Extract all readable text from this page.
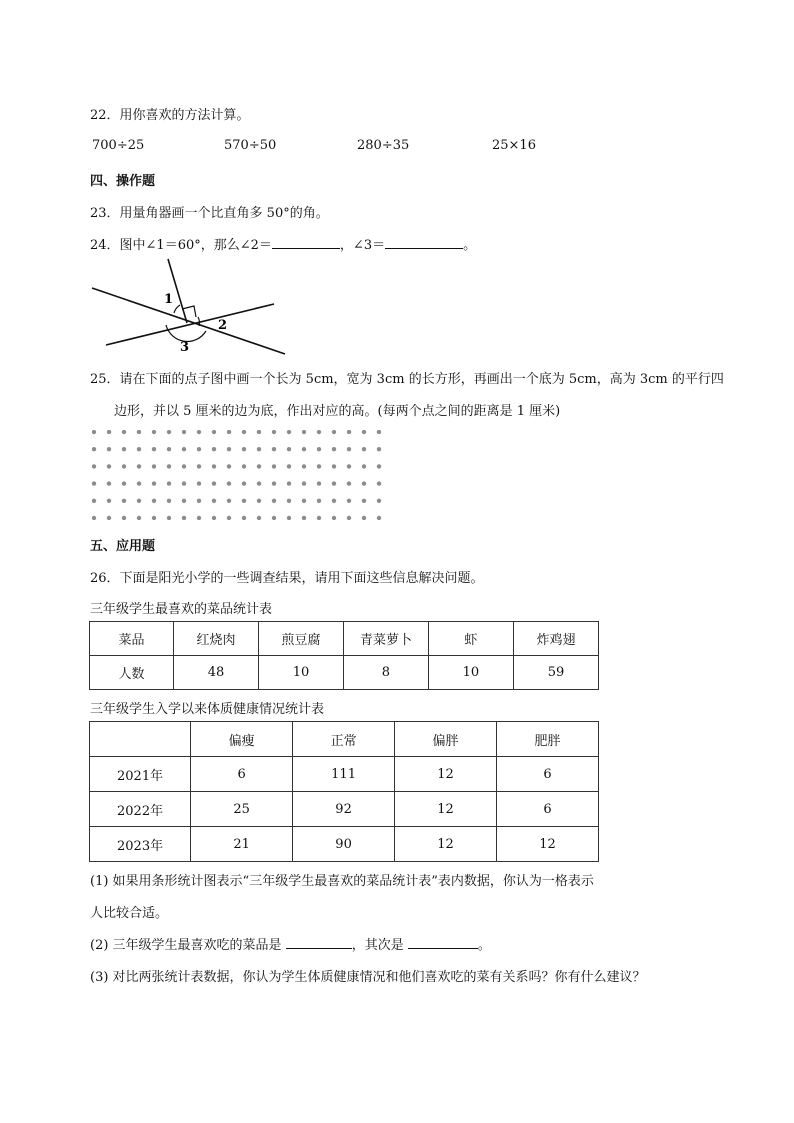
22．用你喜欢的方法计算。
700÷25	570÷50	280÷35	25×16
四、操作题
23．用量角器画一个比直角多 50°的角。
24．图中∠1＝60°，那么∠2＝	，∠3＝	。
1
2
3
25．请在下面的点子图中画一个长为 5cm，宽为 3cm 的长方形，再画出一个底为 5cm，高为 3cm 的平行四
边形，并以 5 厘米的边为底，作出对应的高。(每两个点之间的距离是 1 厘米)
五、应用题
26．下面是阳光小学的一些调查结果，请用下面这些信息解决问题。
三年级学生最喜欢的菜品统计表
菜品	红烧肉	煎豆腐	青菜萝卜	虾	炸鸡翅
人数	48	10	8	10	59
三年级学生入学以来体质健康情况统计表
	偏瘦	正常	偏胖	肥胖
2021年	6	111	12	6
2022年	25	92	12	6
2023年	21	90	12	12
(1) 如果用条形统计图表示“三年级学生最喜欢的菜品统计表”表内数据，你认为一格表示
人比较合适。
(2) 三年级学生最喜欢吃的菜品是	，其次是	。
(3) 对比两张统计表数据，你认为学生体质健康情况和他们喜欢吃的菜有关系吗？你有什么建议？
